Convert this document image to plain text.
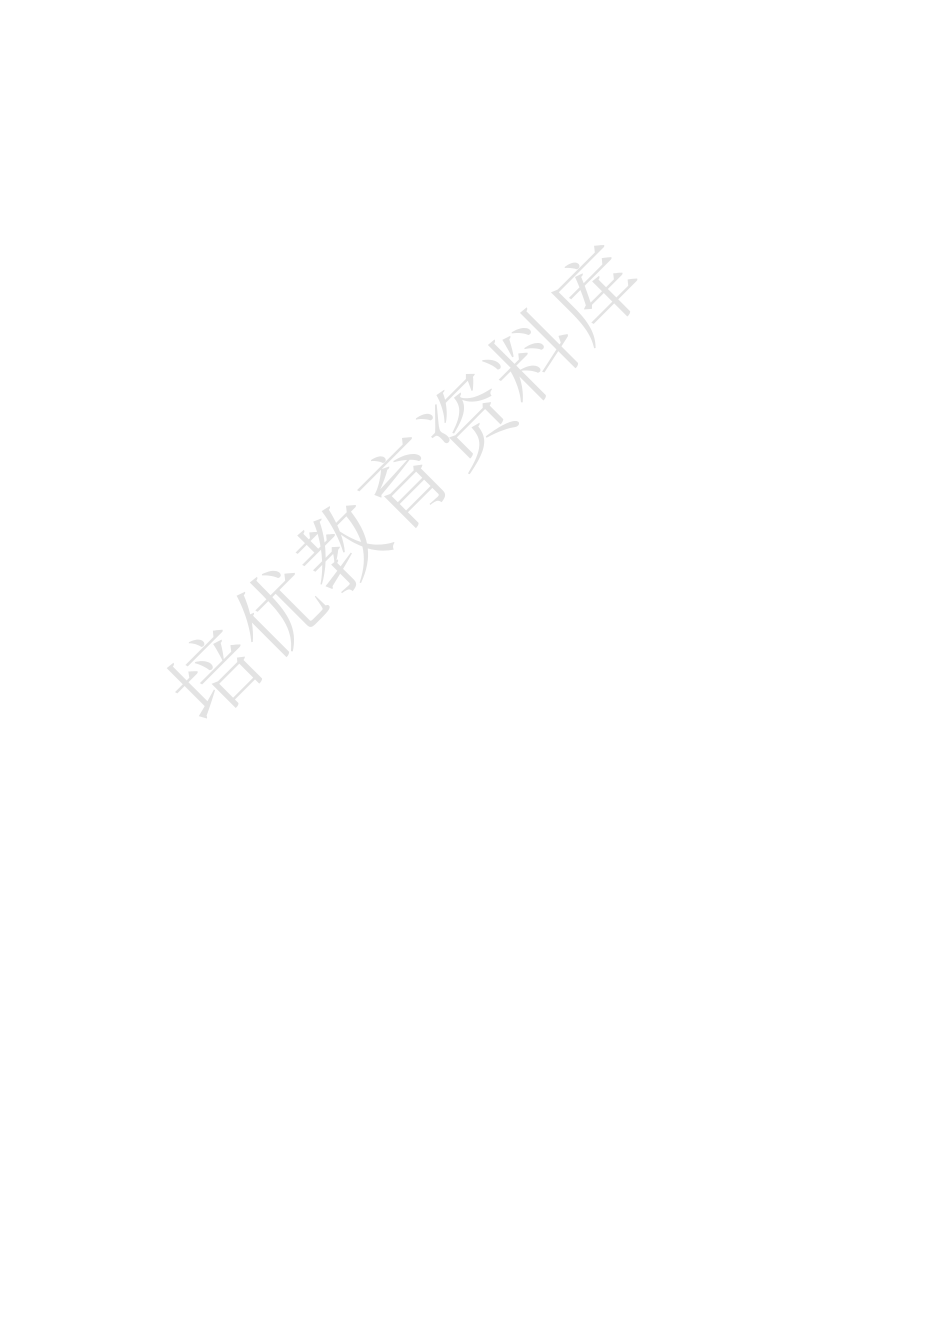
培优教育资料库
